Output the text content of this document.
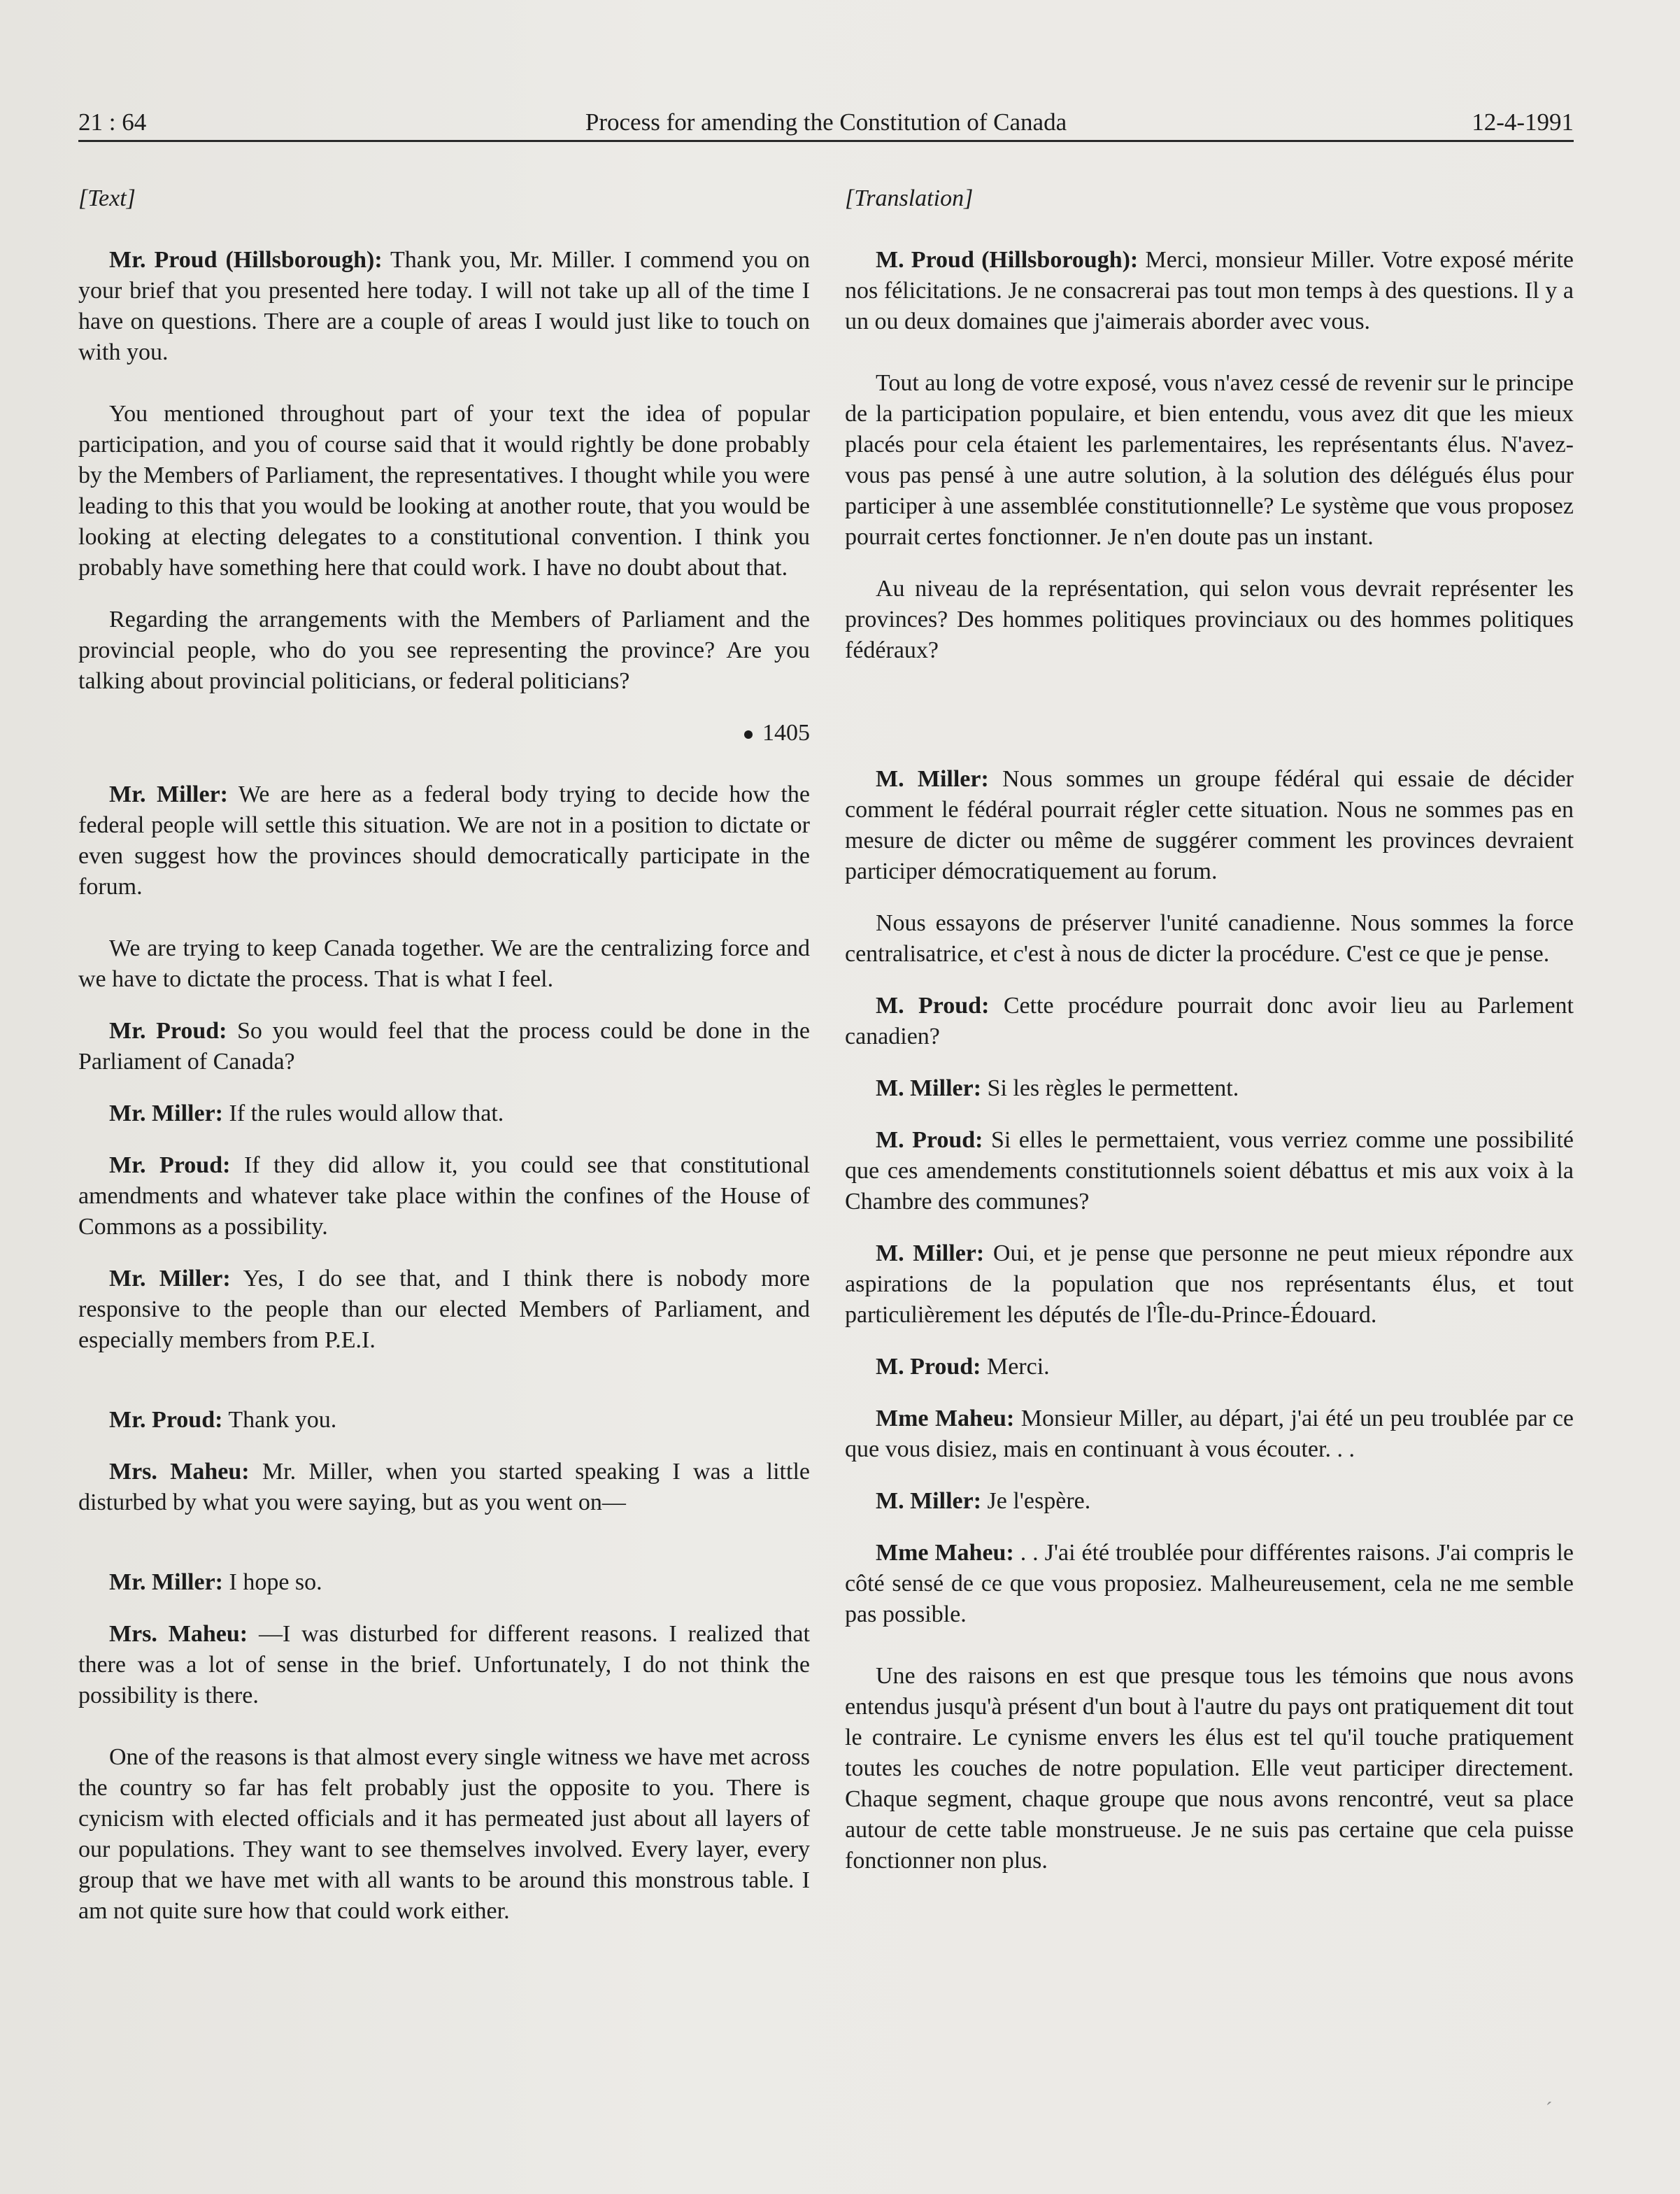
21 : 64	Process for amending the Constitution of Canada	12-4-1991

[Text]

Mr. Proud (Hillsborough): Thank you, Mr. Miller. I commend you on your brief that you presented here today. I will not take up all of the time I have on questions. There are a couple of areas I would just like to touch on with you.

You mentioned throughout part of your text the idea of popular participation, and you of course said that it would rightly be done probably by the Members of Parliament, the representatives. I thought while you were leading to this that you would be looking at another route, that you would be looking at electing delegates to a constitutional convention. I think you probably have something here that could work. I have no doubt about that.

Regarding the arrangements with the Members of Parliament and the provincial people, who do you see representing the province? Are you talking about provincial politicians, or federal politicians?

1405

Mr. Miller: We are here as a federal body trying to decide how the federal people will settle this situation. We are not in a position to dictate or even suggest how the provinces should democratically participate in the forum.

We are trying to keep Canada together. We are the centralizing force and we have to dictate the process. That is what I feel.

Mr. Proud: So you would feel that the process could be done in the Parliament of Canada?

Mr. Miller: If the rules would allow that.

Mr. Proud: If they did allow it, you could see that constitutional amendments and whatever take place within the confines of the House of Commons as a possibility.

Mr. Miller: Yes, I do see that, and I think there is nobody more responsive to the people than our elected Members of Parliament, and especially members from P.E.I.

Mr. Proud: Thank you.

Mrs. Maheu: Mr. Miller, when you started speaking I was a little disturbed by what you were saying, but as you went on—

Mr. Miller: I hope so.

Mrs. Maheu: —I was disturbed for different reasons. I realized that there was a lot of sense in the brief. Unfortunately, I do not think the possibility is there.

One of the reasons is that almost every single witness we have met across the country so far has felt probably just the opposite to you. There is cynicism with elected officials and it has permeated just about all layers of our populations. They want to see themselves involved. Every layer, every group that we have met with all wants to be around this monstrous table. I am not quite sure how that could work either.

[Translation]

M. Proud (Hillsborough): Merci, monsieur Miller. Votre exposé mérite nos félicitations. Je ne consacrerai pas tout mon temps à des questions. Il y a un ou deux domaines que j'aimerais aborder avec vous.

Tout au long de votre exposé, vous n'avez cessé de revenir sur le principe de la participation populaire, et bien entendu, vous avez dit que les mieux placés pour cela étaient les parlementaires, les représentants élus. N'avez-vous pas pensé à une autre solution, à la solution des délégués élus pour participer à une assemblée constitutionnelle? Le système que vous proposez pourrait certes fonctionner. Je n'en doute pas un instant.

Au niveau de la représentation, qui selon vous devrait représenter les provinces? Des hommes politiques provinciaux ou des hommes politiques fédéraux?

M. Miller: Nous sommes un groupe fédéral qui essaie de décider comment le fédéral pourrait régler cette situation. Nous ne sommes pas en mesure de dicter ou même de suggérer comment les provinces devraient participer démocratiquement au forum.

Nous essayons de préserver l'unité canadienne. Nous sommes la force centralisatrice, et c'est à nous de dicter la procédure. C'est ce que je pense.

M. Proud: Cette procédure pourrait donc avoir lieu au Parlement canadien?

M. Miller: Si les règles le permettent.

M. Proud: Si elles le permettaient, vous verriez comme une possibilité que ces amendements constitutionnels soient débattus et mis aux voix à la Chambre des communes?

M. Miller: Oui, et je pense que personne ne peut mieux répondre aux aspirations de la population que nos représentants élus, et tout particulièrement les députés de l'Île-du-Prince-Édouard.

M. Proud: Merci.

Mme Maheu: Monsieur Miller, au départ, j'ai été un peu troublée par ce que vous disiez, mais en continuant à vous écouter. . .

M. Miller: Je l'espère.

Mme Maheu: . . J'ai été troublée pour différentes raisons. J'ai compris le côté sensé de ce que vous proposiez. Malheureusement, cela ne me semble pas possible.

Une des raisons en est que presque tous les témoins que nous avons entendus jusqu'à présent d'un bout à l'autre du pays ont pratiquement dit tout le contraire. Le cynisme envers les élus est tel qu'il touche pratiquement toutes les couches de notre population. Elle veut participer directement. Chaque segment, chaque groupe que nous avons rencontré, veut sa place autour de cette table monstrueuse. Je ne suis pas certaine que cela puisse fonctionner non plus.

´
